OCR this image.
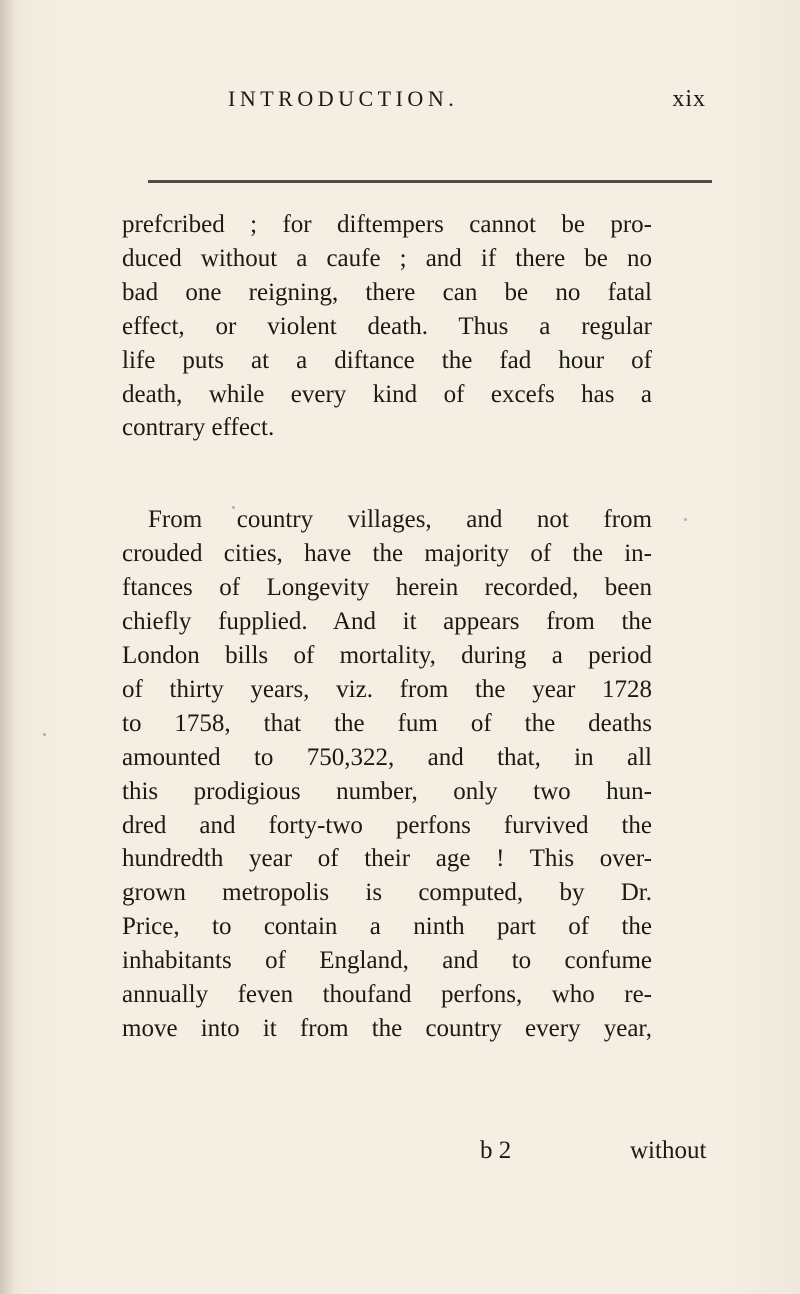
INTRODUCTION.	xix
prefcribed ; for diftempers cannot be pro-
duced without a caufe ; and if there be no
bad one reigning, there can be no fatal
effect, or violent death. Thus a regular
life puts at a diftance the fad hour of
death, while every kind of excefs has a
contrary effect.
From country villages, and not from
crouded cities, have the majority of the in-
ftances of Longevity herein recorded, been
chiefly fupplied. And it appears from the
London bills of mortality, during a period
of thirty years, viz. from the year 1728
to 1758, that the fum of the deaths
amounted to 750,322, and that, in all
this prodigious number, only two hun-
dred and forty-two perfons furvived the
hundredth year of their age ! This over-
grown metropolis is computed, by Dr.
Price, to contain a ninth part of the
inhabitants of England, and to confume
annually feven thoufand perfons, who re-
move into it from the country every year,
b 2	without
